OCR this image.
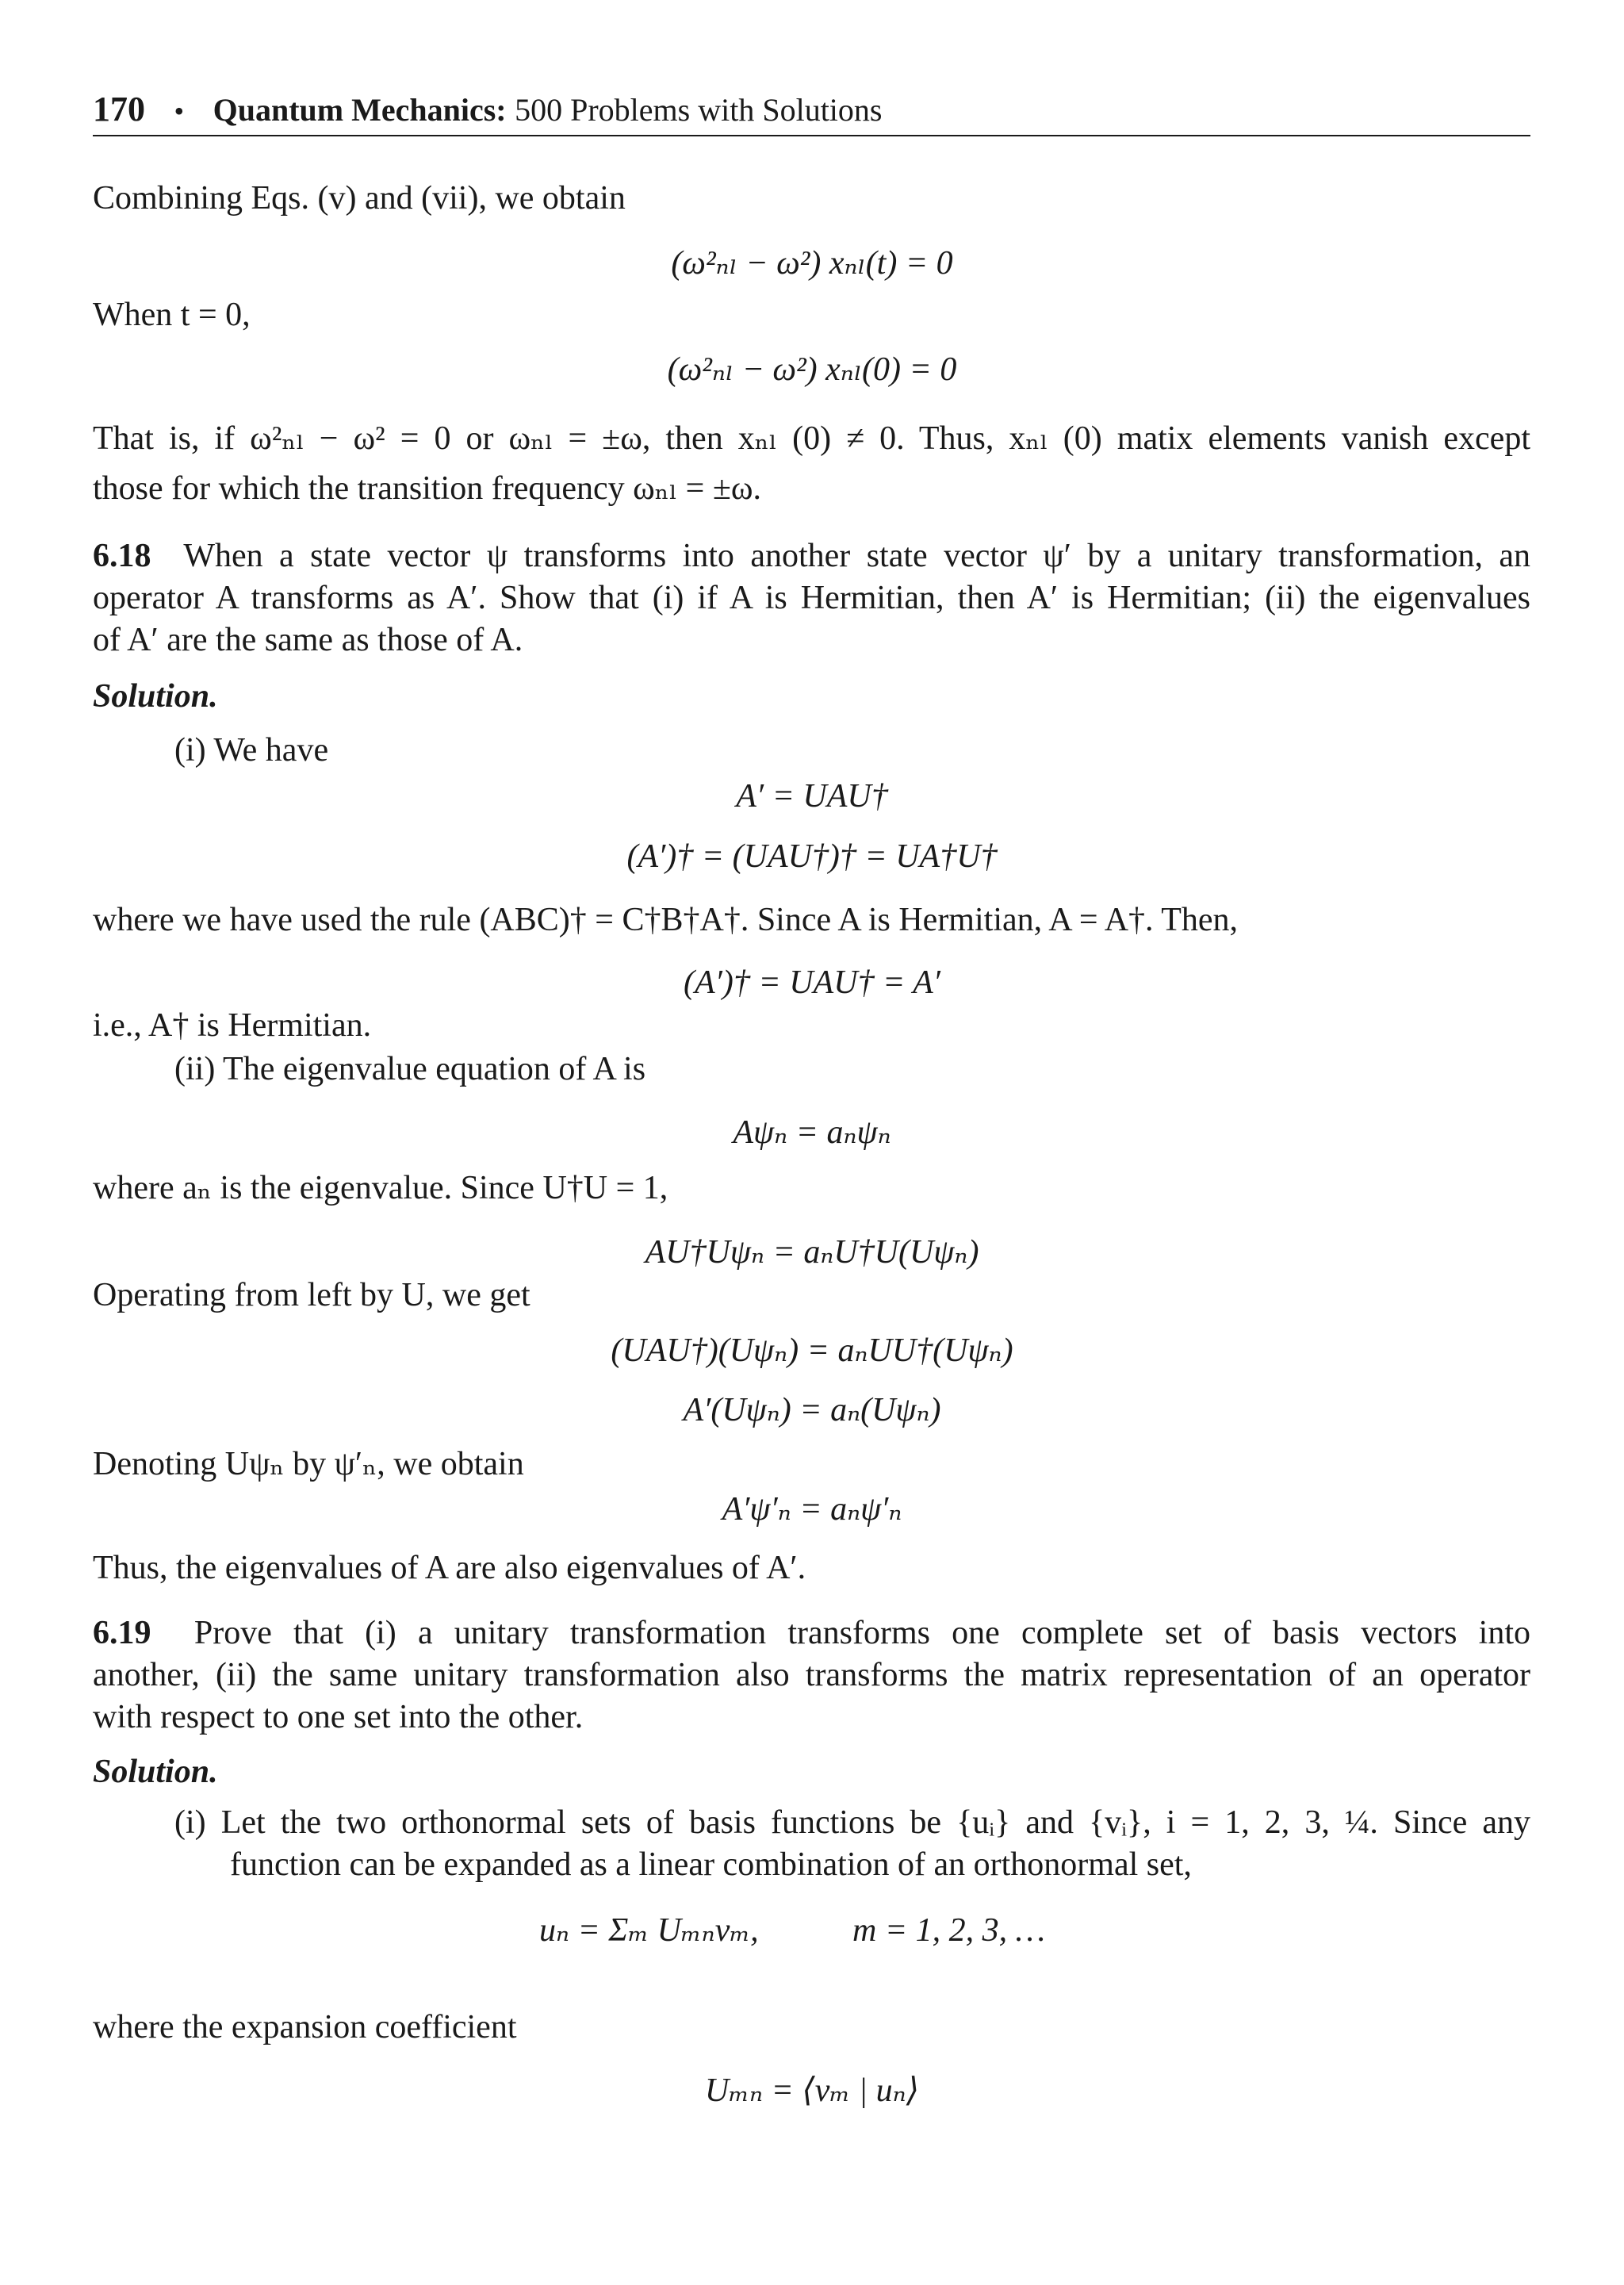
170 • Quantum Mechanics: 500 Problems with Solutions
Combining Eqs. (v) and (vii), we obtain
(ω²ₙₗ − ω²) xₙₗ(t) = 0
When t = 0,
(ω²ₙₗ − ω²) xₙₗ(0) = 0
That is, if ω²ₙₗ − ω² = 0 or ωₙₗ = ±ω, then xₙₗ (0) ≠ 0. Thus, xₙₗ (0) matix elements vanish except
those for which the transition frequency ωₙₗ = ±ω.
6.18 When a state vector ψ transforms into another state vector ψ′ by a unitary transformation, an
operator A transforms as A′. Show that (i) if A is Hermitian, then A′ is Hermitian; (ii) the eigenvalues
of A′ are the same as those of A.
Solution.
(i) We have
A′ = UAU†
(A′)† = (UAU†)† = UA†U†
where we have used the rule (ABC)† = C†B†A†. Since A is Hermitian, A = A†. Then,
(A′)† = UAU† = A′
i.e., A† is Hermitian.
(ii) The eigenvalue equation of A is
Aψₙ = aₙψₙ
where aₙ is the eigenvalue. Since U†U = 1,
AU†Uψₙ = aₙU†U(Uψₙ)
Operating from left by U, we get
(UAU†)(Uψₙ) = aₙUU†(Uψₙ)
A′(Uψₙ) = aₙ(Uψₙ)
Denoting Uψₙ by ψ′ₙ, we obtain
A′ψ′ₙ = aₙψ′ₙ
Thus, the eigenvalues of A are also eigenvalues of A′.
6.19 Prove that (i) a unitary transformation transforms one complete set of basis vectors into
another, (ii) the same unitary transformation also transforms the matrix representation of an operator
with respect to one set into the other.
Solution.
(i) Let the two orthonormal sets of basis functions be {uᵢ} and {vᵢ}, i = 1, 2, 3, ¼. Since any
function can be expanded as a linear combination of an orthonormal set,
uₙ = Σₘ Uₘₙvₘ,	m = 1, 2, 3, …
where the expansion coefficient
Uₘₙ = ⟨vₘ | uₙ⟩
